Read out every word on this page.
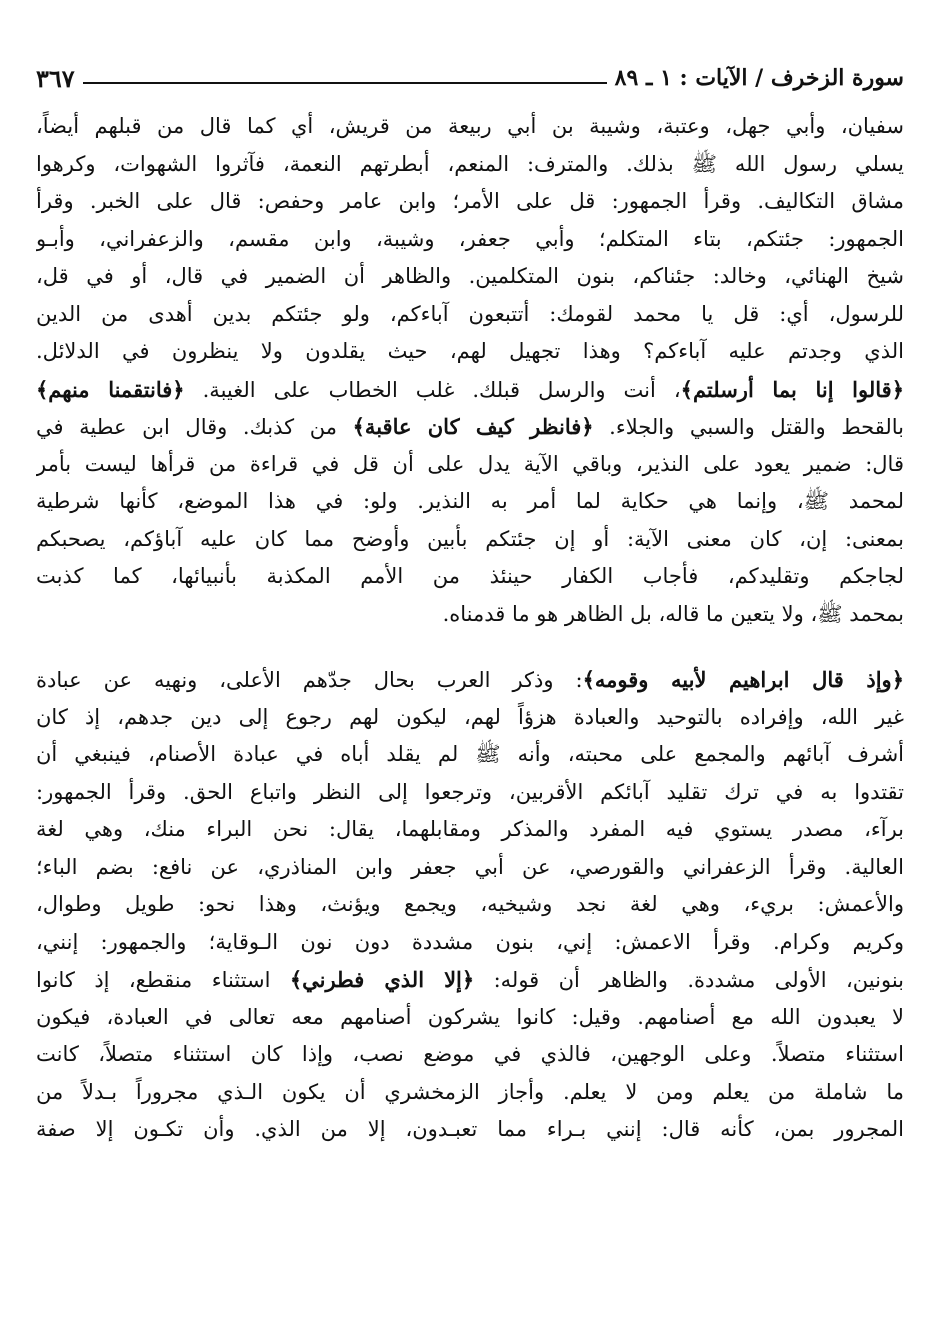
سورة الزخرف / الآيات : ١ ـ ٨٩
٣٦٧
سفيان، وأبي جهل، وعتبة، وشيبة بن أبي ربيعة من قريش، أي كما قال من قبلهم أيضاً،
يسلي رسول الله ﷺ بذلك. والمترف: المنعم، أبطرتهم النعمة، فآثروا الشهوات، وكرهوا
مشاق التكاليف. وقرأ الجمهور: قل على الأمر؛ وابن عامر وحفص: قال على الخبر. وقرأ
الجمهور: جئتكم، بتاء المتكلم؛ وأبي جعفر، وشيبة، وابن مقسم، والزعفراني، وأبـو
شيخ الهنائي، وخالد: جئناكم، بنون المتكلمين. والظاهر أن الضمير في قال، أو في قل،
للرسول، أي: قل يا محمد لقومك: أتتبعون آباءكم، ولو جئتكم بدين أهدى من الدين
الذي وجدتم عليه آباءكم؟ وهذا تجهيل لهم، حيث يقلدون ولا ينظرون في الدلائل.
﴿قالوا إنا بما أرسلتم﴾، أنت والرسل قبلك. غلب الخطاب على الغيبة. ﴿فانتقمنا منهم﴾
بالقحط والقتل والسبي والجلاء. ﴿فانظر كيف كان عاقبة﴾ من كذبك. وقال ابن عطية في
قال: ضمير يعود على النذير، وباقي الآية يدل على أن قل في قراءة من قرأها ليست بأمر
لمحمد ﷺ، وإنما هي حكاية لما أمر به النذير. ولو: في هذا الموضع، كأنها شرطية
بمعنى: إن، كان معنى الآية: أو إن جئتكم بأبين وأوضح مما كان عليه آباؤكم، يصحبكم
لجاجكم وتقليدكم، فأجاب الكفار حينئذ من الأمم المكذبة بأنبيائها، كما كذبت
بمحمد ﷺ، ولا يتعين ما قاله، بل الظاهر هو ما قدمناه.
﴿وإذ قال ابراهيم لأبيه وقومه﴾: وذكر العرب بحال جدّهم الأعلى، ونهيه عن عبادة
غير الله، وإفراده بالتوحيد والعبادة هزؤاً لهم، ليكون لهم رجوع إلى دين جدهم، إذ كان
أشرف آبائهم والمجمع على محبته، وأنه ﷺ لم يقلد أباه في عبادة الأصنام، فينبغي أن
تقتدوا به في ترك تقليد آبائكم الأقربين، وترجعوا إلى النظر واتباع الحق. وقرأ الجمهور:
برآء، مصدر يستوي فيه المفرد والمذكر ومقابلهما، يقال: نحن البراء منك، وهي لغة
العالية. وقرأ الزعفراني والقورصي، عن أبي جعفر وابن المناذري، عن نافع: بضم الباء؛
والأعمش: بريء، وهي لغة نجد وشيخيه، ويجمع ويؤنث، وهذا نحو: طويل وطوال،
وكريم وكرام. وقرأ الاعمش: إني، بنون مشددة دون نون الـوقاية؛ والجمهور: إنني،
بنونين، الأولى مشددة. والظاهر أن قوله: ﴿إلا الذي فطرني﴾ استثناء منقطع، إذ كانوا
لا يعبدون الله مع أصنامهم. وقيل: كانوا يشركون أصنامهم معه تعالى في العبادة، فيكون
استثناء متصلاً. وعلى الوجهين، فالذي في موضع نصب، وإذا كان استثناء متصلاً، كانت
ما شاملة من يعلم ومن لا يعلم. وأجاز الزمخشري أن يكون الـذي مجروراً بـدلاً من
المجرور بمن، كأنه قال: إنني بـراء مما تعبـدون، إلا من الذي. وأن تكـون إلا صفة
